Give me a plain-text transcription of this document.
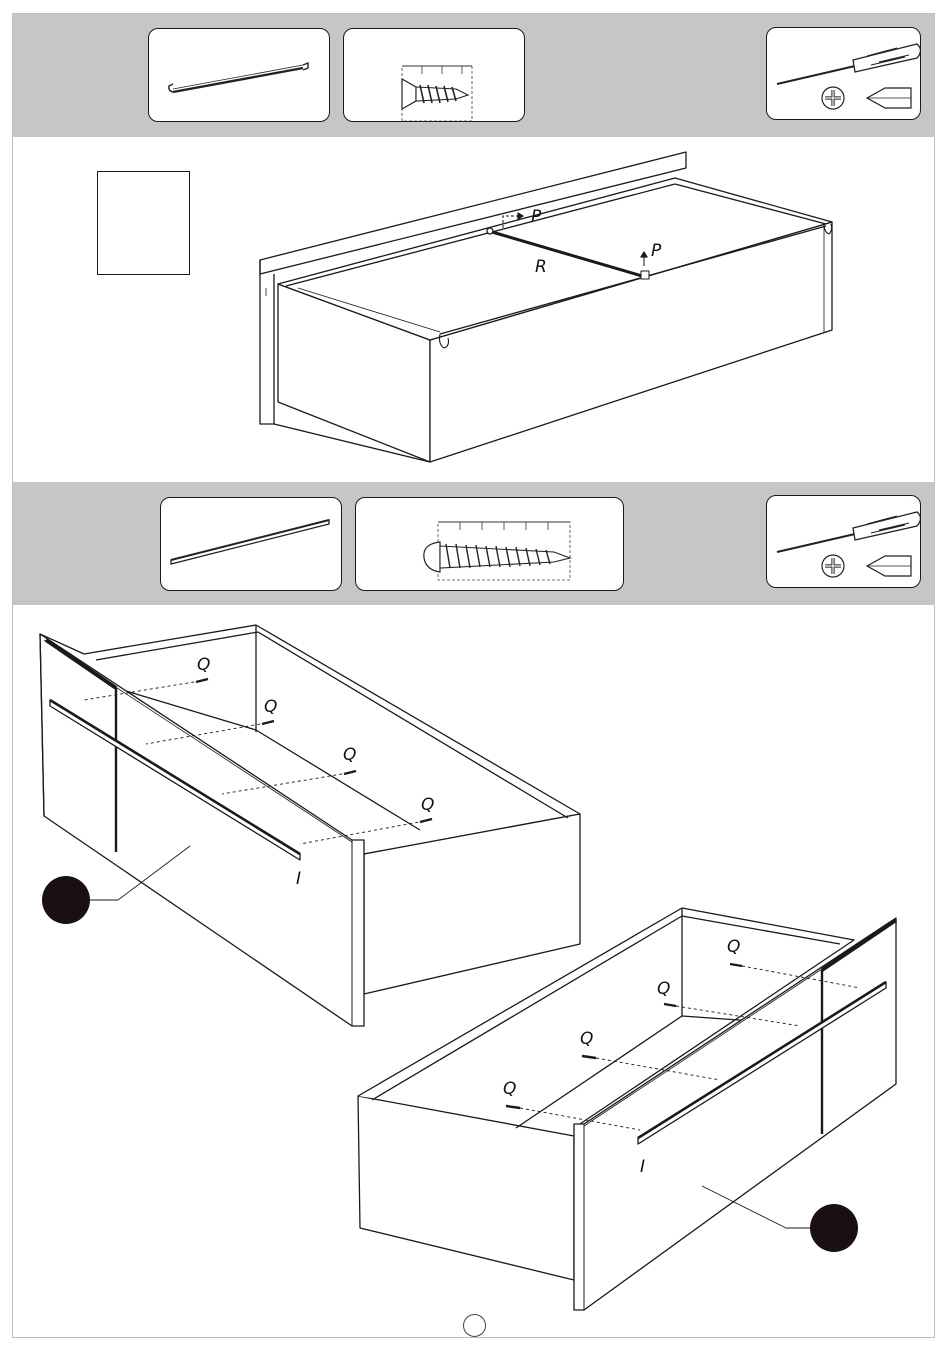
P
P
R
Q
Q
Q
Q
I
Q
Q
Q
Q
I
